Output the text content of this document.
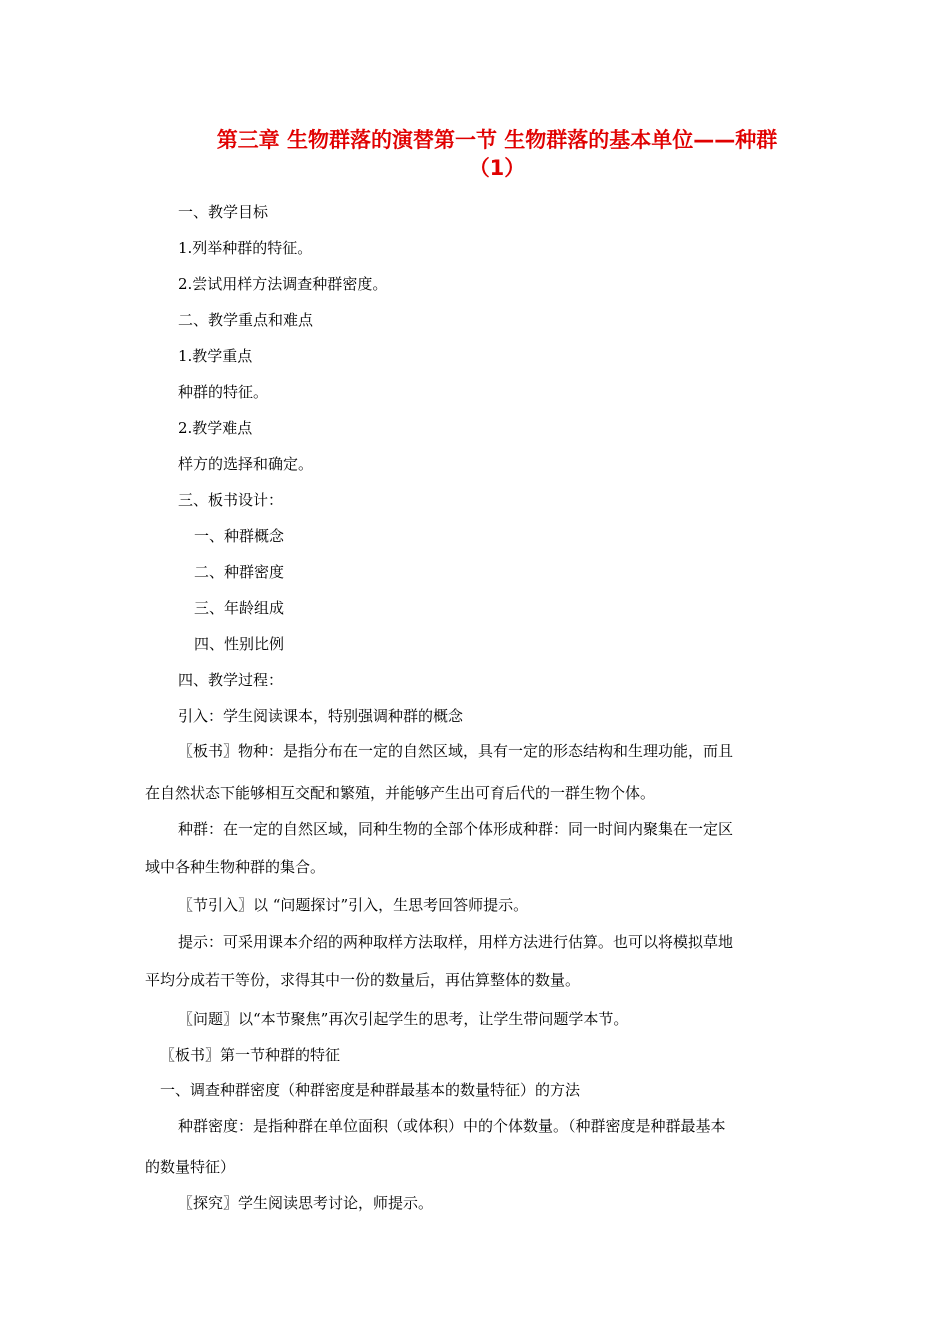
第三章 生物群落的演替第一节 生物群落的基本单位——种群
（1）
一、教学目标
1.列举种群的特征。
2.尝试用样方法调查种群密度。
二、教学重点和难点
1.教学重点
种群的特征。
2.教学难点
样方的选择和确定。
三、板书设计：
一、种群概念
二、种群密度
三、年龄组成
四、性别比例
四、教学过程：
引入：学生阅读课本，特别强调种群的概念
〖板书〗物种：是指分布在一定的自然区域，具有一定的形态结构和生理功能，而且
在自然状态下能够相互交配和繁殖，并能够产生出可育后代的一群生物个体。
种群：在一定的自然区域，同种生物的全部个体形成种群：同一时间内聚集在一定区
域中各种生物种群的集合。
〖节引入〗以 “问题探讨”引入，生思考回答师提示。
提示：可采用课本介绍的两种取样方法取样，用样方法进行估算。也可以将模拟草地
平均分成若干等份，求得其中一份的数量后，再估算整体的数量。
〖问题〗以“本节聚焦”再次引起学生的思考，让学生带问题学本节。
〖板书〗第一节种群的特征
一、调查种群密度（种群密度是种群最基本的数量特征）的方法
种群密度：是指种群在单位面积（或体积）中的个体数量。（种群密度是种群最基本
的数量特征）
〖探究〗学生阅读思考讨论，师提示。
